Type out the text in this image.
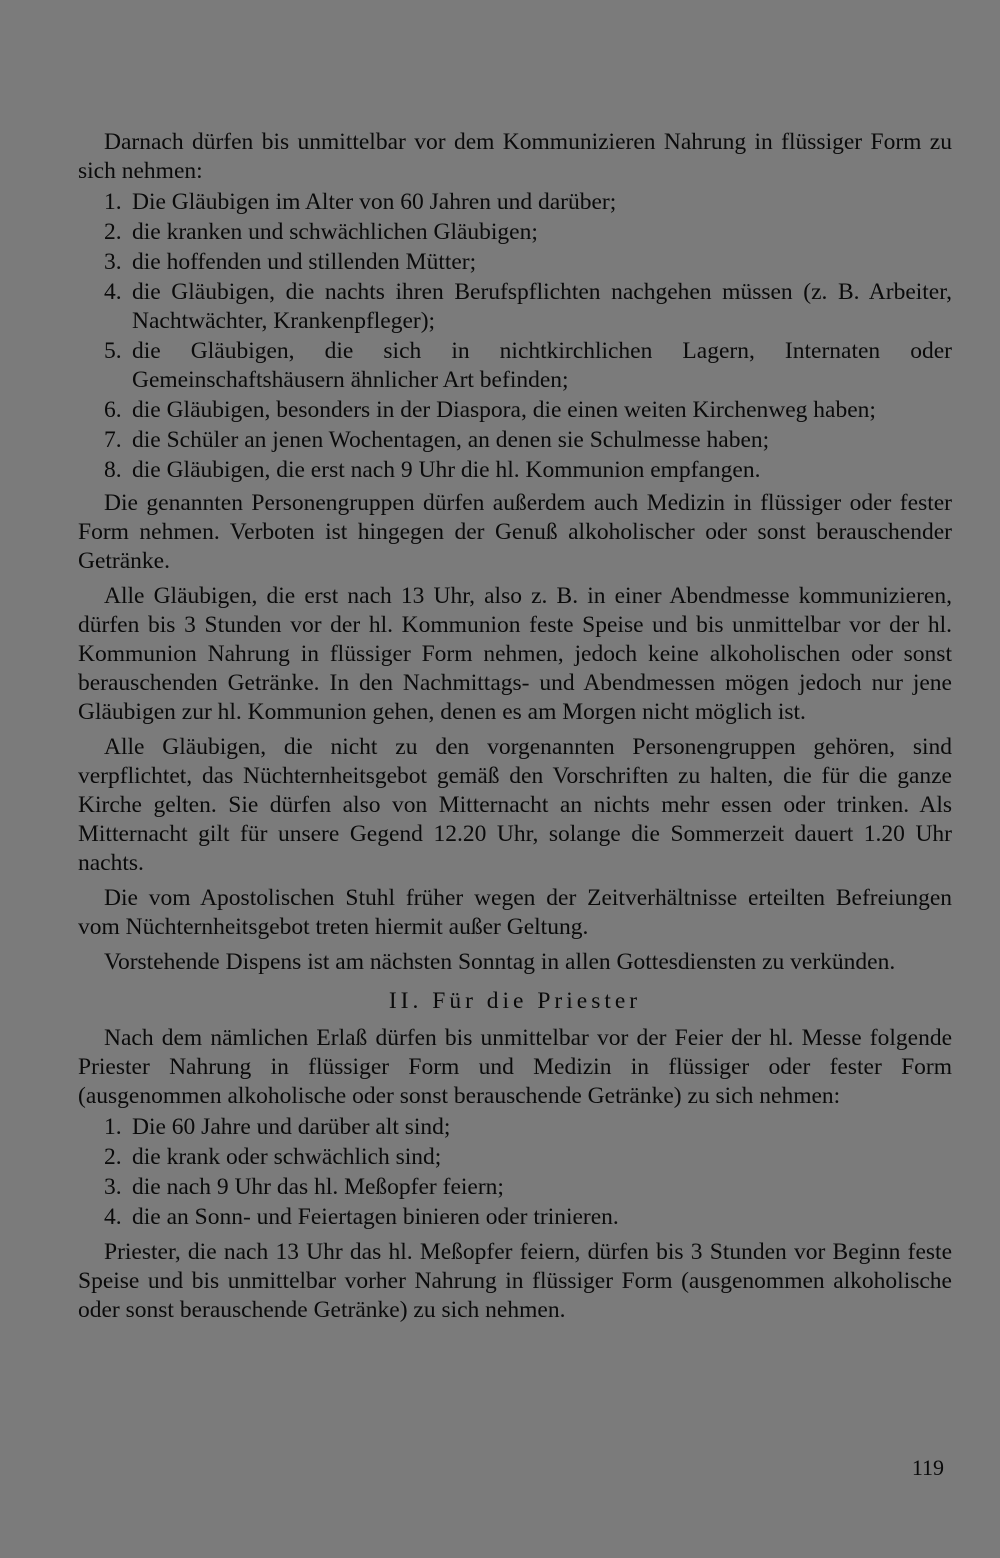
Darnach dürfen bis unmittelbar vor dem Kommunizieren Nahrung in flüssiger Form zu sich nehmen:

1. Die Gläubigen im Alter von 60 Jahren und darüber;
2. die kranken und schwächlichen Gläubigen;
3. die hoffenden und stillenden Mütter;
4. die Gläubigen, die nachts ihren Berufspflichten nachgehen müssen (z. B. Arbeiter, Nachtwächter, Krankenpfleger);
5. die Gläubigen, die sich in nichtkirchlichen Lagern, Internaten oder Gemeinschaftshäusern ähnlicher Art befinden;
6. die Gläubigen, besonders in der Diaspora, die einen weiten Kirchenweg haben;
7. die Schüler an jenen Wochentagen, an denen sie Schulmesse haben;
8. die Gläubigen, die erst nach 9 Uhr die hl. Kommunion empfangen.

Die genannten Personengruppen dürfen außerdem auch Medizin in flüssiger oder fester Form nehmen. Verboten ist hingegen der Genuß alkoholischer oder sonst berauschender Getränke.

Alle Gläubigen, die erst nach 13 Uhr, also z. B. in einer Abendmesse kommunizieren, dürfen bis 3 Stunden vor der hl. Kommunion feste Speise und bis unmittelbar vor der hl. Kommunion Nahrung in flüssiger Form nehmen, jedoch keine alkoholischen oder sonst berauschenden Getränke. In den Nachmittags- und Abendmessen mögen jedoch nur jene Gläubigen zur hl. Kommunion gehen, denen es am Morgen nicht möglich ist.

Alle Gläubigen, die nicht zu den vorgenannten Personengruppen gehören, sind verpflichtet, das Nüchternheitsgebot gemäß den Vorschriften zu halten, die für die ganze Kirche gelten. Sie dürfen also von Mitternacht an nichts mehr essen oder trinken. Als Mitternacht gilt für unsere Gegend 12.20 Uhr, solange die Sommerzeit dauert 1.20 Uhr nachts.

Die vom Apostolischen Stuhl früher wegen der Zeitverhältnisse erteilten Befreiungen vom Nüchternheitsgebot treten hiermit außer Geltung.

Vorstehende Dispens ist am nächsten Sonntag in allen Gottesdiensten zu verkünden.

II. Für die Priester

Nach dem nämlichen Erlaß dürfen bis unmittelbar vor der Feier der hl. Messe folgende Priester Nahrung in flüssiger Form und Medizin in flüssiger oder fester Form (ausgenommen alkoholische oder sonst berauschende Getränke) zu sich nehmen:

1. Die 60 Jahre und darüber alt sind;
2. die krank oder schwächlich sind;
3. die nach 9 Uhr das hl. Meßopfer feiern;
4. die an Sonn- und Feiertagen binieren oder trinieren.

Priester, die nach 13 Uhr das hl. Meßopfer feiern, dürfen bis 3 Stunden vor Beginn feste Speise und bis unmittelbar vorher Nahrung in flüssiger Form (ausgenommen alkoholische oder sonst berauschende Getränke) zu sich nehmen.

119
